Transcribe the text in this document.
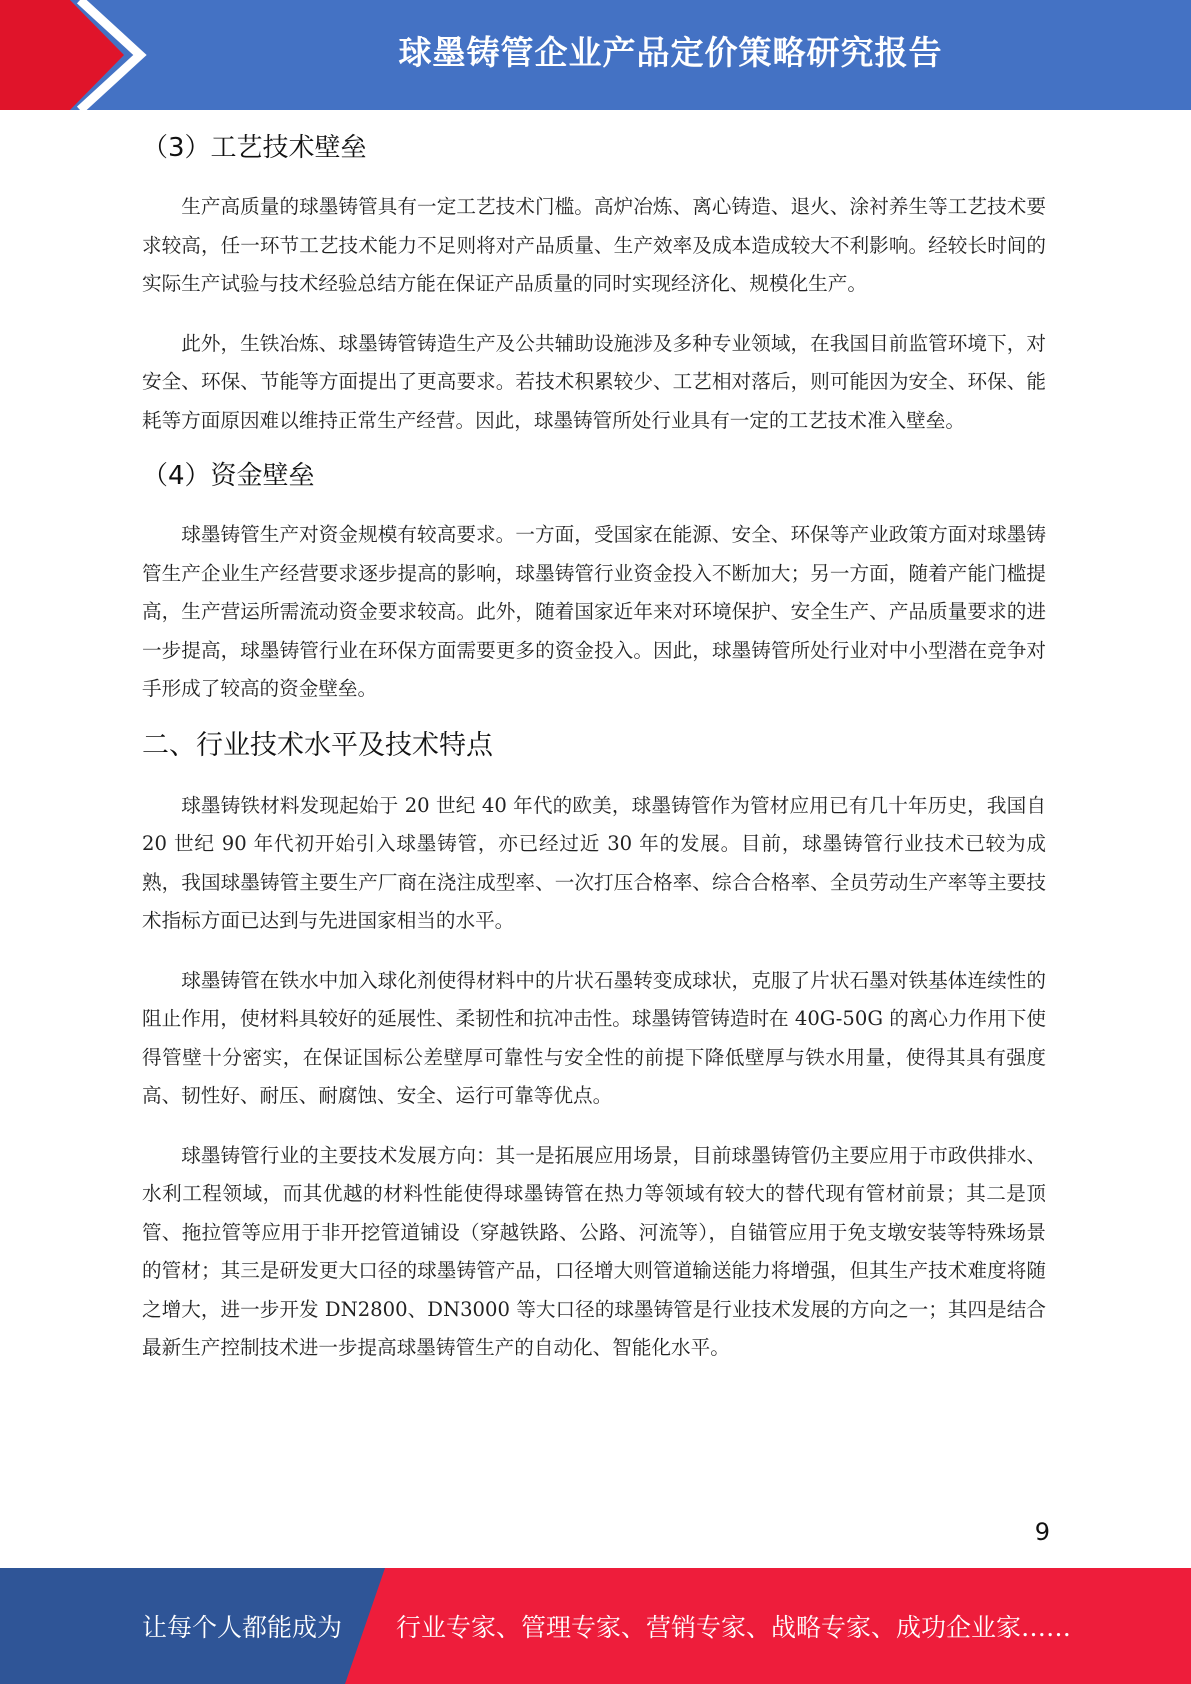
球墨铸管企业产品定价策略研究报告
（3）工艺技术壁垒

生产高质量的球墨铸管具有一定工艺技术门槛。高炉冶炼、离心铸造、退火、涂衬养生等工艺技术要求较高，任一环节工艺技术能力不足则将对产品质量、生产效率及成本造成较大不利影响。经较长时间的实际生产试验与技术经验总结方能在保证产品质量的同时实现经济化、规模化生产。

此外，生铁冶炼、球墨铸管铸造生产及公共辅助设施涉及多种专业领域，在我国目前监管环境下，对安全、环保、节能等方面提出了更高要求。若技术积累较少、工艺相对落后，则可能因为安全、环保、能耗等方面原因难以维持正常生产经营。因此，球墨铸管所处行业具有一定的工艺技术准入壁垒。

（4）资金壁垒

球墨铸管生产对资金规模有较高要求。一方面，受国家在能源、安全、环保等产业政策方面对球墨铸管生产企业生产经营要求逐步提高的影响，球墨铸管行业资金投入不断加大；另一方面，随着产能门槛提高，生产营运所需流动资金要求较高。此外，随着国家近年来对环境保护、安全生产、产品质量要求的进一步提高，球墨铸管行业在环保方面需要更多的资金投入。因此，球墨铸管所处行业对中小型潜在竞争对手形成了较高的资金壁垒。

二、行业技术水平及技术特点

球墨铸铁材料发现起始于 20 世纪 40 年代的欧美，球墨铸管作为管材应用已有几十年历史，我国自 20 世纪 90 年代初开始引入球墨铸管，亦已经过近 30 年的发展。目前，球墨铸管行业技术已较为成熟，我国球墨铸管主要生产厂商在浇注成型率、一次打压合格率、综合合格率、全员劳动生产率等主要技术指标方面已达到与先进国家相当的水平。

球墨铸管在铁水中加入球化剂使得材料中的片状石墨转变成球状，克服了片状石墨对铁基体连续性的阻止作用，使材料具较好的延展性、柔韧性和抗冲击性。球墨铸管铸造时在 40G-50G 的离心力作用下使得管壁十分密实，在保证国标公差壁厚可靠性与安全性的前提下降低壁厚与铁水用量，使得其具有强度高、韧性好、耐压、耐腐蚀、安全、运行可靠等优点。

球墨铸管行业的主要技术发展方向：其一是拓展应用场景，目前球墨铸管仍主要应用于市政供排水、水利工程领域，而其优越的材料性能使得球墨铸管在热力等领域有较大的替代现有管材前景；其二是顶管、拖拉管等应用于非开挖管道铺设（穿越铁路、公路、河流等），自锚管应用于免支墩安装等特殊场景的管材；其三是研发更大口径的球墨铸管产品，口径增大则管道输送能力将增强，但其生产技术难度将随之增大，进一步开发 DN2800、DN3000 等大口径的球墨铸管是行业技术发展的方向之一；其四是结合最新生产控制技术进一步提高球墨铸管生产的自动化、智能化水平。

9
让每个人都能成为 行业专家、管理专家、营销专家、战略专家、成功企业家……
